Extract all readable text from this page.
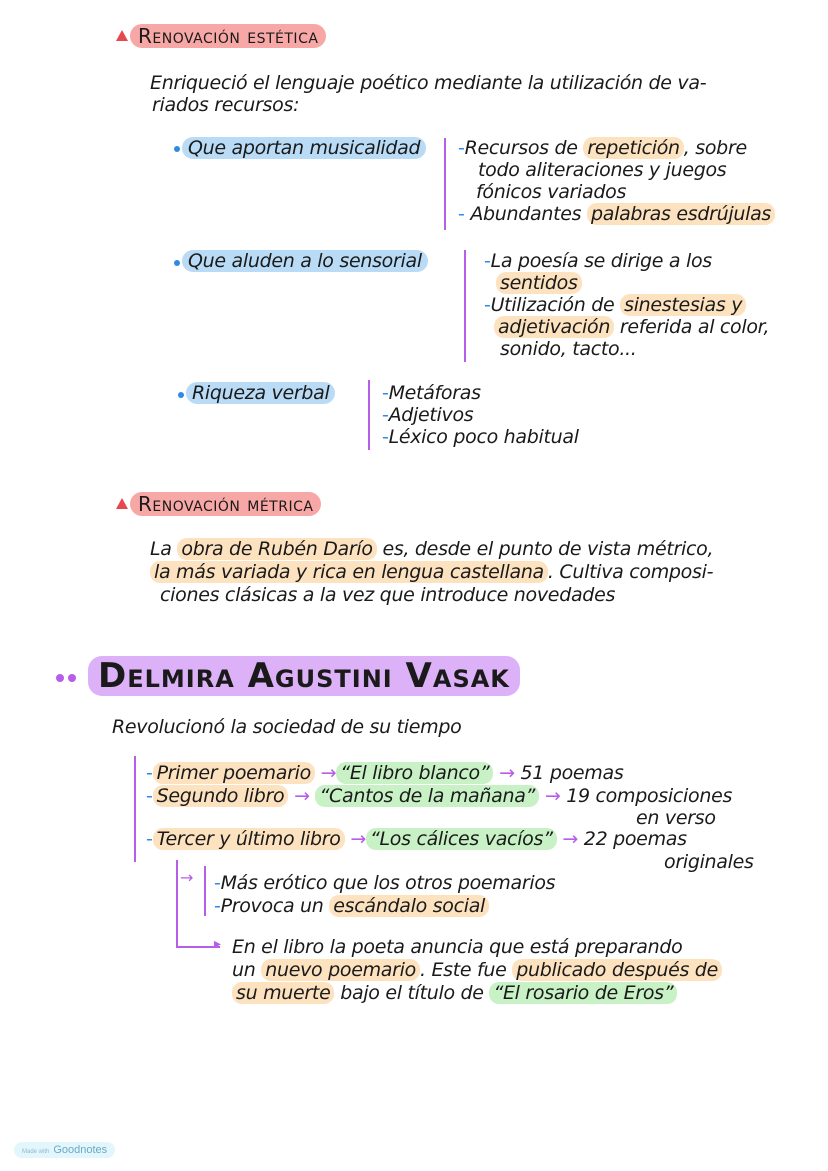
Renovación estética
Enriqueció el lenguaje poético mediante la utilización de va-
riados recursos:
Que aportan musicalidad	-Recursos de repetición , sobre
todo aliteraciones y juegos
fónicos variados
- Abundantes palabras esdrújulas
Que aluden a lo sensorial	-La poesía se dirige a los
sentidos
-Utilización de sinestesias y
adjetivación referida al color,
sonido, tacto...
Riqueza verbal	-Metáforas
-Adjetivos
-Léxico poco habitual
Renovación métrica
La obra de Rubén Darío es, desde el punto de vista métrico,
la más variada y rica en lengua castellana . Cultiva composi-
ciones clásicas a la vez que introduce novedades
Delmira Agustini Vasak
Revolucionó la sociedad de su tiempo
- Primer poemario → “El libro blanco” → 51 poemas
- Segundo libro → “Cantos de la mañana” → 19 composiciones
en verso
- Tercer y último libro → “Los cálices vacíos” → 22 poemas
originales
→ -Más erótico que los otros poemarios
-Provoca un escándalo social
▸ En el libro la poeta anuncia que está preparando
un nuevo poemario . Este fue publicado después de
su muerte bajo el título de “El rosario de Eros”
Made with Goodnotes
